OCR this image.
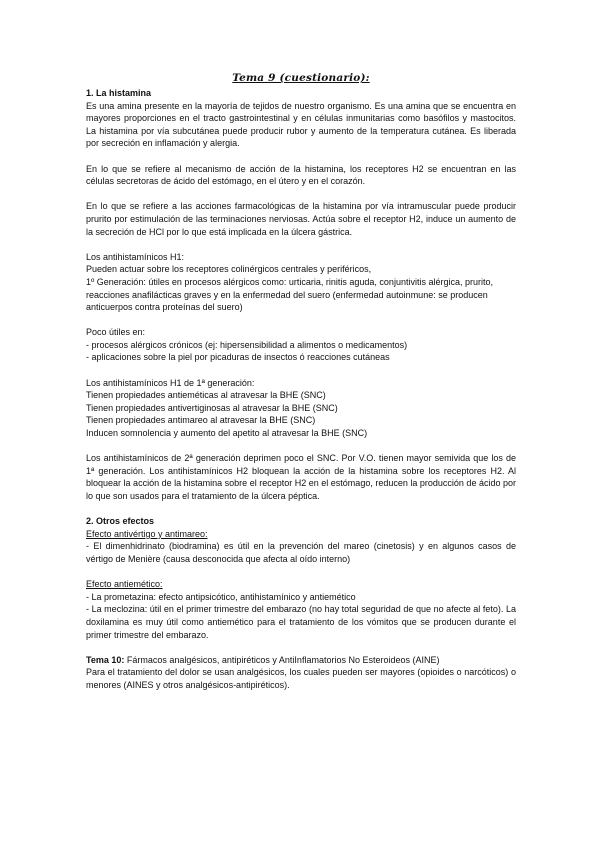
Tema 9 (cuestionario):

1. La histamina

Es una amina presente en la mayoría de tejidos de nuestro organismo. Es una amina que se encuentra en mayores proporciones en el tracto gastrointestinal y en células inmunitarias como basófilos y mastocitos. La histamina por vía subcutánea puede producir rubor y aumento de la temperatura cutánea. Es liberada por secreción en inflamación y alergia.

En lo que se refiere al mecanismo de acción de la histamina, los receptores H2 se encuentran en las células secretoras de ácido del estómago, en el útero y en el corazón.

En lo que se refiere a las acciones farmacológicas de la histamina por vía intramuscular puede producir prurito por estimulación de las terminaciones nerviosas. Actúa sobre el receptor H2, induce un aumento de la secreción de HCl por lo que está implicada en la úlcera gástrica.

Los antihistamínicos H1:

Pueden actuar sobre los receptores colinérgicos centrales y periféricos,

1º Generación: útiles en procesos alérgicos como: urticaria, rinitis aguda, conjuntivitis alérgica, prurito, reacciones anafilácticas graves y en la enfermedad del suero (enfermedad autoinmune: se producen anticuerpos contra proteínas del suero)

Poco útiles en:

- procesos alérgicos crónicos (ej: hipersensibilidad a alimentos o medicamentos)

- aplicaciones sobre la piel por picaduras de insectos ó reacciones cutáneas

Los antihistamínicos H1 de 1ª generación:

Tienen propiedades antieméticas al atravesar la BHE (SNC)

Tienen propiedades antivertiginosas al atravesar la BHE (SNC)

Tienen propiedades antimareo al atravesar la BHE (SNC)

Inducen somnolencia y aumento del apetito al atravesar la BHE (SNC)

Los antihistamínicos de 2ª generación deprimen poco el SNC. Por V.O. tienen mayor semivida que los de 1ª generación. Los antihistamínicos H2 bloquean la acción de la histamina sobre los receptores H2. Al bloquear la acción de la histamina sobre el receptor H2 en el estómago, reducen la producción de ácido por lo que son usados para el tratamiento de la úlcera péptica.

2. Otros efectos

Efecto antivértigo y antimareo:

- El dimenhidrinato (biodramina) es útil en la prevención del mareo (cinetosis) y en algunos casos de vértigo de Menière (causa desconocida que afecta al oído interno)

Efecto antiemético:

- La prometazina: efecto antipsicótico, antihistamínico y antiemético

- La meclozina: útil en el primer trimestre del embarazo (no hay total seguridad de que no afecte al feto). La doxilamina es muy útil como antiemético para el tratamiento de los vómitos que se producen durante el primer trimestre del embarazo.

Tema 10: Fármacos analgésicos, antipiréticos y AntiInflamatorios No Esteroideos (AINE)

Para el tratamiento del dolor se usan analgésicos, los cuales pueden ser mayores (opioides o narcóticos) o menores (AINES y otros analgésicos-antipiréticos).
